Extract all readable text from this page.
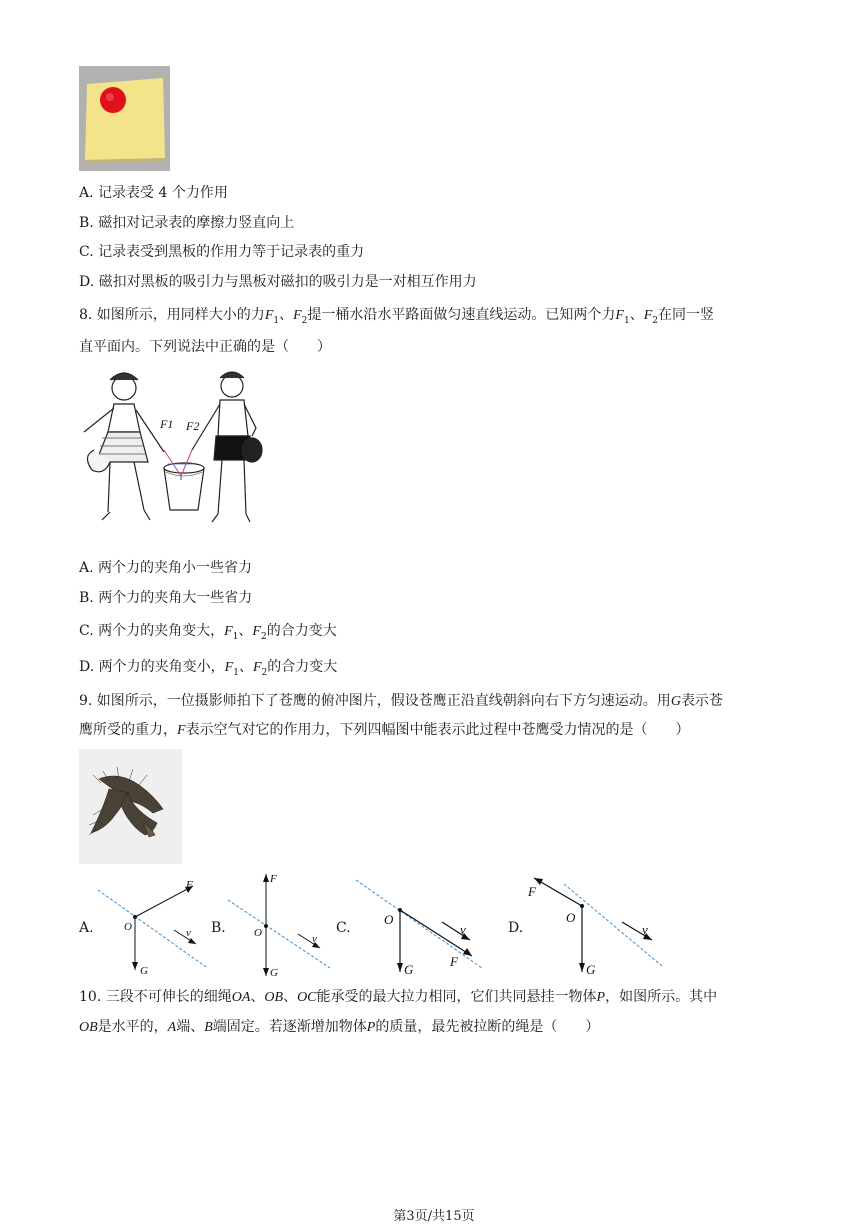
A. 记录表受 4 个力作用
B. 磁扣对记录表的摩擦力竖直向上
C. 记录表受到黑板的作用力等于记录表的重力
D. 磁扣对黑板的吸引力与黑板对磁扣的吸引力是一对相互作用力
8. 如图所示，用同样大小的力$F_1$、$F_2$提一桶水沿水平路面做匀速直线运动。已知两个力$F_1$、$F_2$在同一竖
直平面内。下列说法中正确的是（　　）
F1 F2
A. 两个力的夹角小一些省力
B. 两个力的夹角大一些省力
C. 两个力的夹角变大，$F_1$、$F_2$的合力变大
D. 两个力的夹角变小，$F_1$、$F_2$的合力变大
9. 如图所示，一位摄影师拍下了苍鹰的俯冲图片，假设苍鹰正沿直线朝斜向右下方匀速运动。用G表示苍
鹰所受的重力，F表示空气对它的作用力，下列四幅图中能表示此过程中苍鹰受力情况的是（　　）
A.
F
O
G
v B.
F
O
G
v
C.
O
G
F
v	D.
F
O
G
v
10. 三段不可伸长的细绳OA、OB、OC能承受的最大拉力相同，它们共同悬挂一物体P，如图所示。其中
OB是水平的，A端、B端固定。若逐渐增加物体P的质量，最先被拉断的绳是（　　）
第3页/共15页
